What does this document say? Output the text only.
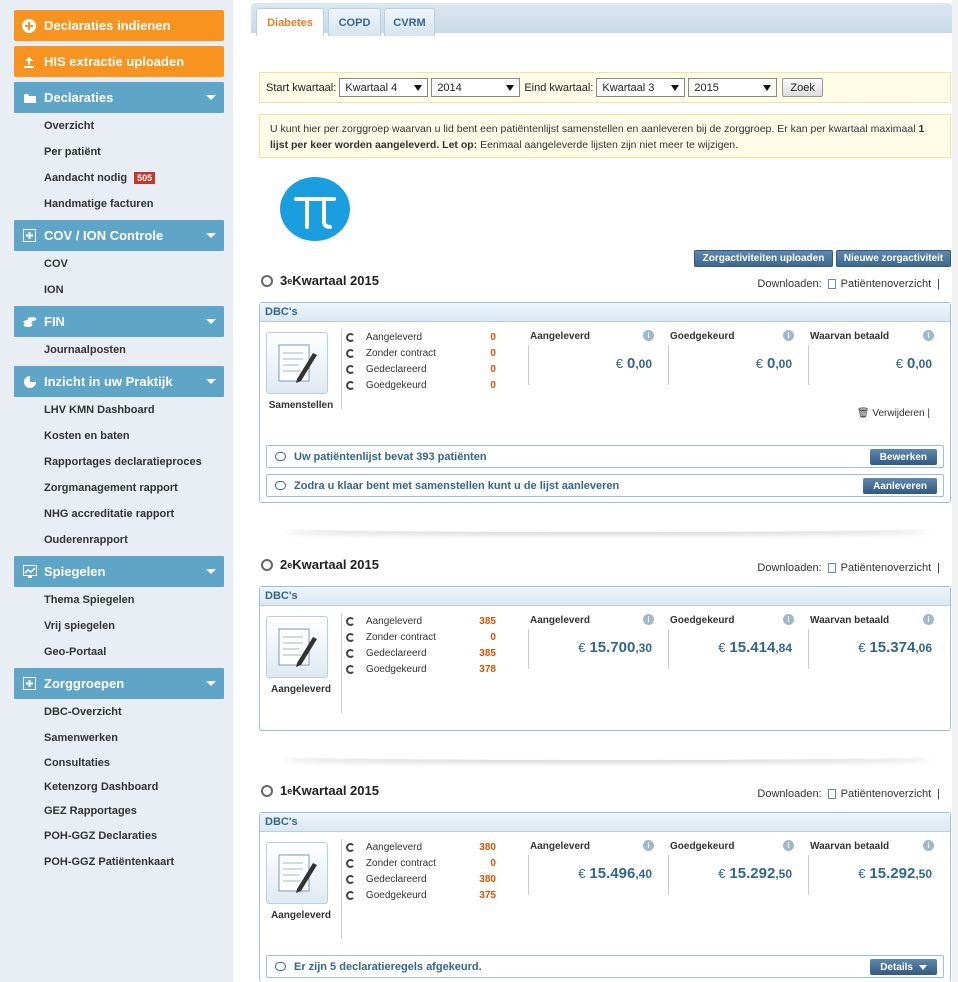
Declaraties indienen
HIS extractie uploaden
Declaraties
Overzicht
Per patiënt
Aandacht nodig	505
Handmatige facturen
COV / ION Controle
COV
ION
FIN
Journaalposten
Inzicht in uw Praktijk
LHV KMN Dashboard
Kosten en baten
Rapportages declaratieproces
Zorgmanagement rapport
NHG accreditatie rapport
Ouderenrapport
Spiegelen
Thema Spiegelen
Vrij spiegelen
Geo-Portaal
Zorggroepen
DBC-Overzicht
Samenwerken
Consultaties
Ketenzorg Dashboard
GEZ Rapportages
POH-GGZ Declaraties
POH-GGZ Patiëntenkaart
Diabetes COPD CVRM
Start kwartaal: Kwartaal 4	2014	Eind kwartaal: Kwartaal 3	2015	Zoek
U kunt hier per zorggroep waarvan u lid bent een patiëntenlijst samenstellen en aanleveren bij de zorggroep. Er kan per kwartaal maximaal 1 lijst per keer worden aangeleverd. Let op: Eenmaal aangeleverde lijsten zijn niet meer te wijzigen.
Zorgactiviteiten uploaden	Nieuwe zorgactiviteit
3 e Kwartaal 2015	Downloaden: Patiëntenoverzicht |
DBC's
Samenstellen
Aangeleverd	0
Zonder contract	0
Gedeclareerd	0
Goedgekeurd	0
Aangeleverd	i
€ 0,00
Goedgekeurd	i
€ 0,00
Waarvan betaald	i
€ 0,00
🗑 Verwijderen |
Uw patiëntenlijst bevat 393 patiënten	Bewerken
Zodra u klaar bent met samenstellen kunt u de lijst aanleveren	Aanleveren
2 e Kwartaal 2015	Downloaden: Patiëntenoverzicht |
DBC's
Aangeleverd
Aangeleverd	385
Zonder contract	0
Gedeclareerd	385
Goedgekeurd	378
Aangeleverd	i
€ 15.700,30
Goedgekeurd	i
€ 15.414,84
Waarvan betaald	i
€ 15.374,06
1 e Kwartaal 2015	Downloaden: Patiëntenoverzicht |
DBC's
Aangeleverd
Aangeleverd	380
Zonder contract	0
Gedeclareerd	380
Goedgekeurd	375
Aangeleverd	i
€ 15.496,40
Goedgekeurd	i
€ 15.292,50
Waarvan betaald	i
€ 15.292,50
Er zijn 5 declaratieregels afgekeurd.	Details
